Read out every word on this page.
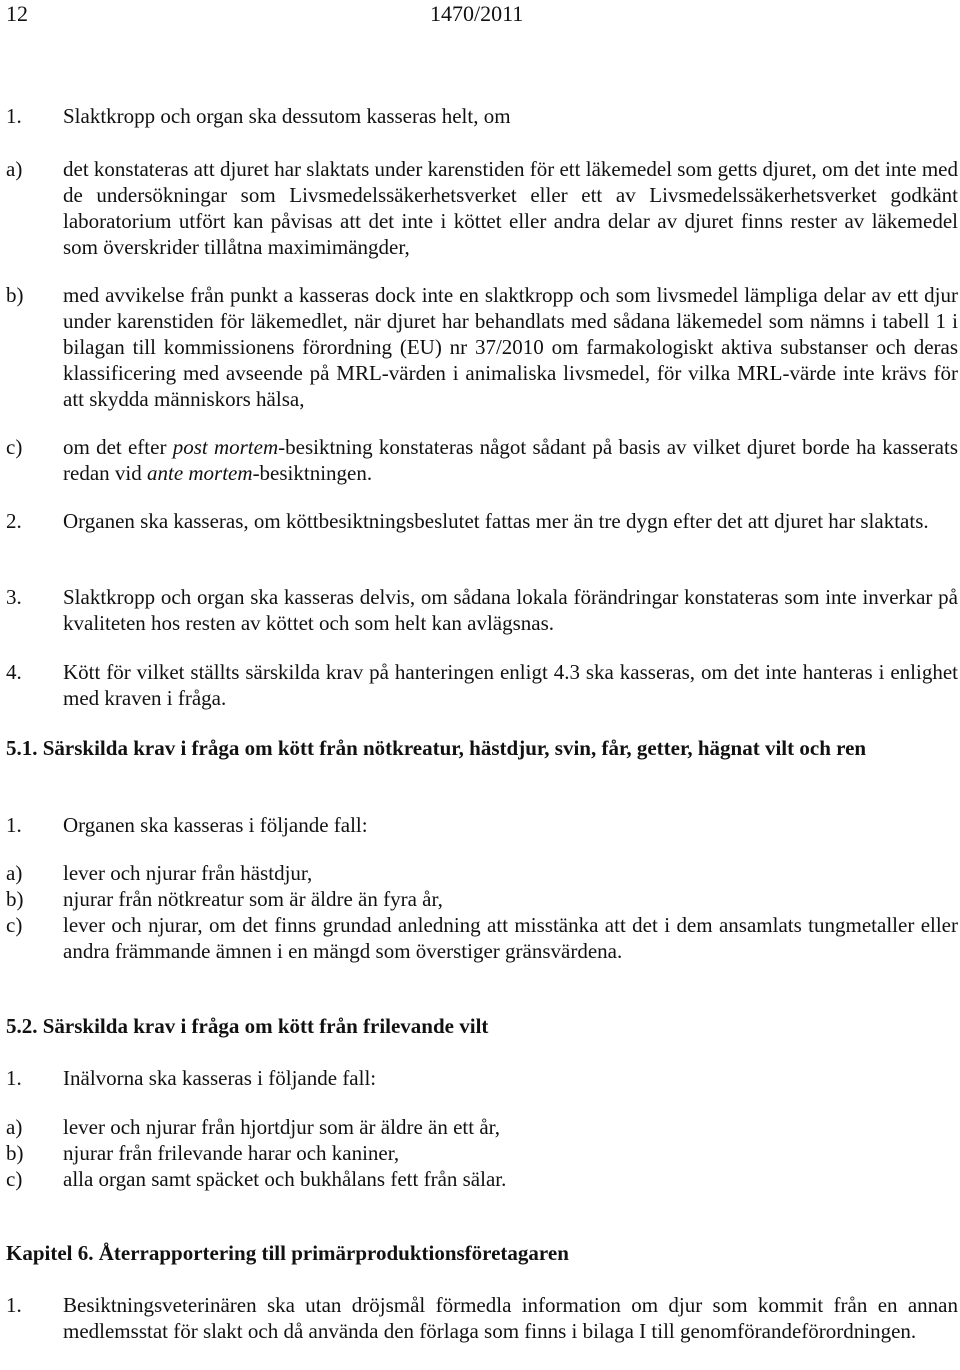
12	1470/2011
1. Slaktkropp och organ ska dessutom kasseras helt, om
a) det konstateras att djuret har slaktats under karenstiden för ett läkemedel som getts djuret, om det inte med de undersökningar som Livsmedelssäkerhetsverket eller ett av Livsmedelssäkerhetsverket godkänt laboratorium utfört kan påvisas att det inte i köttet eller andra delar av djuret finns rester av läkemedel som överskrider tillåtna maximimängder,
b) med avvikelse från punkt a kasseras dock inte en slaktkropp och som livsmedel lämpliga delar av ett djur under karenstiden för läkemedlet, när djuret har behandlats med sådana läkemedel som nämns i tabell 1 i bilagan till kommissionens förordning (EU) nr 37/2010 om farmakologiskt aktiva substanser och deras klassificering med avseende på MRL-värden i animaliska livsmedel, för vilka MRL-värde inte krävs för att skydda människors hälsa,
c) om det efter post mortem-besiktning konstateras något sådant på basis av vilket djuret borde ha kasserats redan vid ante mortem-besiktningen.
2. Organen ska kasseras, om köttbesiktningsbeslutet fattas mer än tre dygn efter det att djuret har slaktats.
3. Slaktkropp och organ ska kasseras delvis, om sådana lokala förändringar konstateras som inte inverkar på kvaliteten hos resten av köttet och som helt kan avlägsnas.
4. Kött för vilket ställts särskilda krav på hanteringen enligt 4.3 ska kasseras, om det inte hanteras i enlighet med kraven i fråga.
5.1. Särskilda krav i fråga om kött från nötkreatur, hästdjur, svin, får, getter, hägnat vilt och ren
1. Organen ska kasseras i följande fall:
a) lever och njurar från hästdjur,
b) njurar från nötkreatur som är äldre än fyra år,
c) lever och njurar, om det finns grundad anledning att misstänka att det i dem ansamlats tungmetaller eller andra främmande ämnen i en mängd som överstiger gränsvärdena.
5.2. Särskilda krav i fråga om kött från frilevande vilt
1. Inälvorna ska kasseras i följande fall:
a) lever och njurar från hjortdjur som är äldre än ett år,
b) njurar från frilevande harar och kaniner,
c) alla organ samt späcket och bukhålans fett från sälar.
Kapitel 6. Återrapportering till primärproduktionsföretagaren
1. Besiktningsveterinären ska utan dröjsmål förmedla information om djur som kommit från en annan medlemsstat för slakt och då använda den förlaga som finns i bilaga I till genomförandeförordningen.
